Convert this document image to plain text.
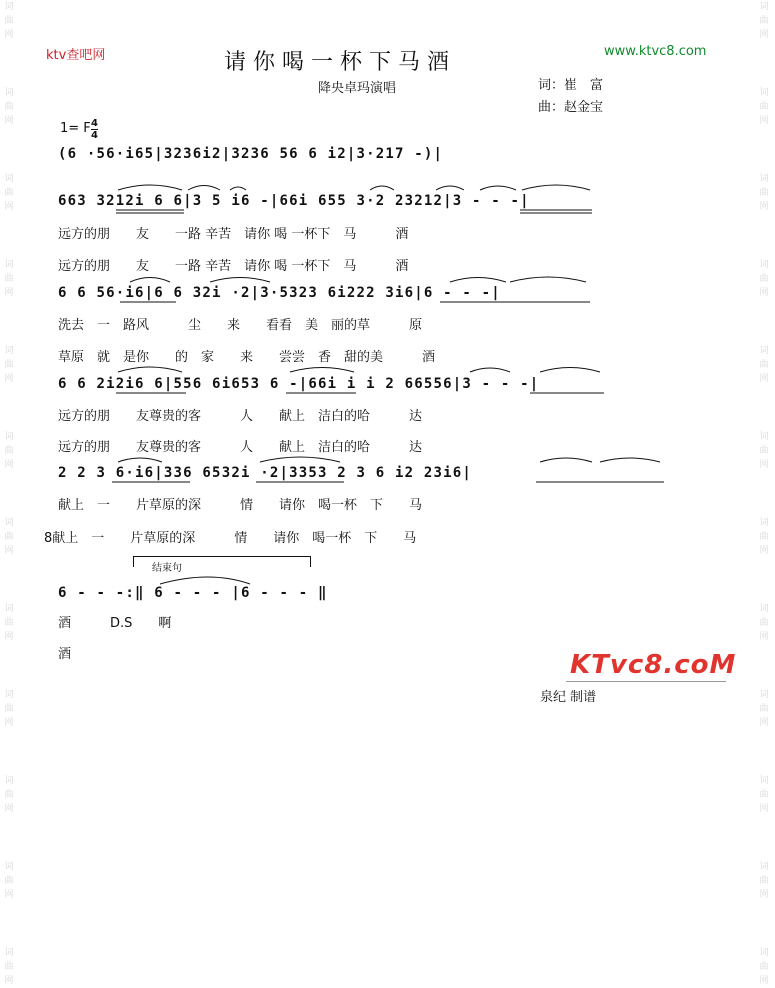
词曲网
词曲网
词曲网
词曲网
词曲网
词曲网
词曲网
词曲网
词曲网
词曲网
词曲网
词曲网
词曲网
词曲网
词曲网
词曲网
词曲网
词曲网
词曲网
词曲网
词曲网
词曲网
词曲网
词曲网
ktv查吧网	www.ktvc8.com
请你喝一杯下马酒
降央卓玛演唱	词：崔　富
曲：赵金宝
1= F $\frac{4}{4}$
(6 ·56·i65|3236i2|3236 56 6 i2|3·217 -)|
663 3212i 6 6|3 5 i6 -|66i 655 3·2 23212|3 - - -|
远方的朋　　友　　一路 辛苦　请你 喝 一杯下　马　　　酒
远方的朋　　友　　一路 辛苦　请你 喝 一杯下　马　　　酒
6 6 56·i6|6 6 32i ·2|3·5323 6i222 3i6|6 - - -|
洗去　一　路风　　　尘　　来　　看看　美　丽的草　　　原
草原　就　是你　　的　家　　来　　尝尝　香　甜的美　　　酒
6 6 2i2i6 6|556 6i653 6 -|66i i i 2 66556|3 - - -|
远方的朋　　友尊贵的客　　　人　　献上　洁白的哈　　　达
远方的朋　　友尊贵的客　　　人　　献上　洁白的哈　　　达
2 2 3 6·i6|336 6532i ·2|3353 2 3 6 i2 23i6|
献上　一　　片草原的深　　　情　　请你　喝一杯　下　　马
8献上　一　　片草原的深　　　情　　请你　喝一杯　下　　马
结束句
6 - - -:‖ 6 - - - |6 - - - ‖
酒　　　D.S　　啊
酒	KTvc8.coM
泉纪 制谱
